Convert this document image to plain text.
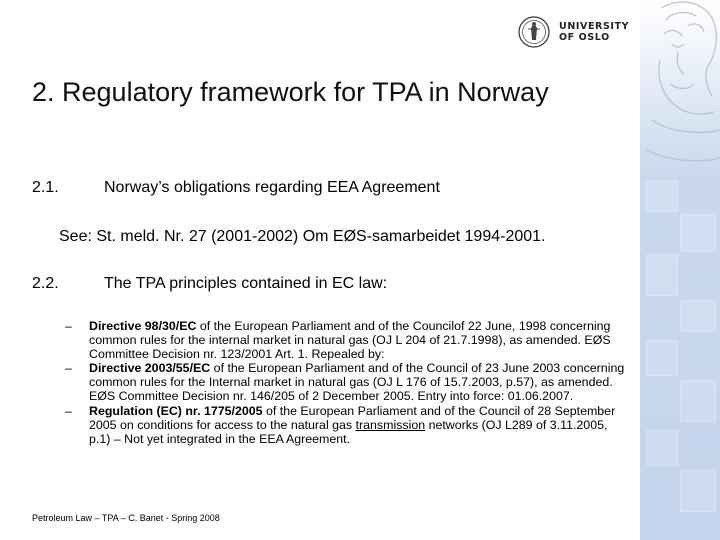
UNIVERSITY
OF OSLO
2. Regulatory framework for TPA in Norway
2.1.	Norway’s obligations regarding EEA Agreement
See: St. meld. Nr. 27 (2001-2002) Om EØS-samarbeidet 1994-2001.
2.2.	The TPA principles contained in EC law:

– Directive 98/30/EC of the European Parliament and of the Councilof 22 June, 1998 concerning common rules for the internal market in natural gas (OJ L 204 of 21.7.1998), as amended. EØS Committee Decision nr. 123/2001 Art. 1. Repealed by:

– Directive 2003/55/EC of the European Parliament and of the Council of 23 June 2003 concerning common rules for the Internal market in natural gas (OJ L 176 of 15.7.2003, p.57), as amended. EØS Committee Decision nr. 146/205 of 2 December 2005. Entry into force: 01.06.2007.

– Regulation (EC) nr. 1775/2005 of the European Parliament and of the Council of 28 September 2005 on conditions for access to the natural gas transmission networks (OJ L289 of 3.11.2005, p.1) – Not yet integrated in the EEA Agreement.

Petroleum Law – TPA – C. Banet - Spring 2008
